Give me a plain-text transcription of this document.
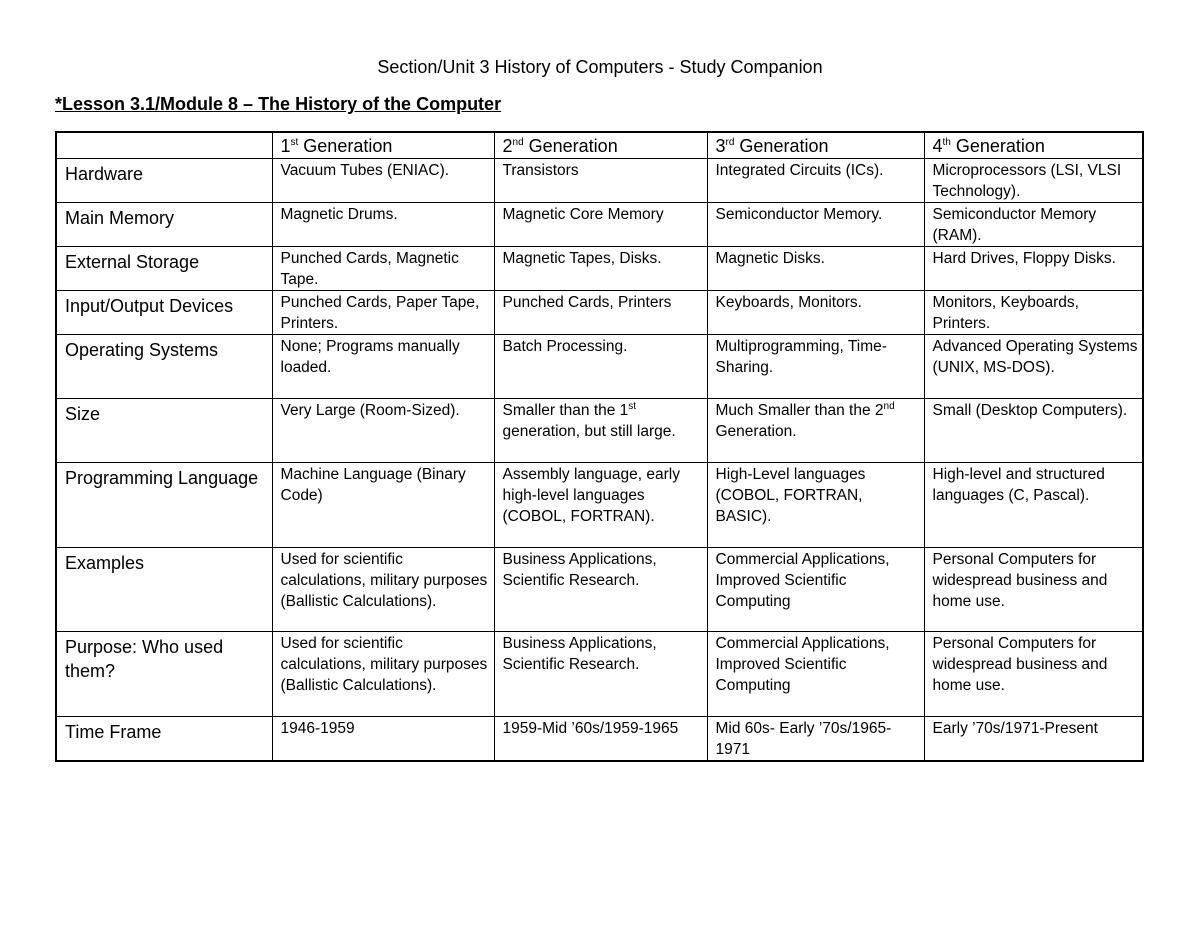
Section/Unit 3 History of Computers - Study Companion
*Lesson 3.1/Module 8 – The History of the Computer
	1st Generation	2nd Generation	3rd Generation	4th Generation
Hardware	Vacuum Tubes (ENIAC).	Transistors	Integrated Circuits (ICs).	Microprocessors (LSI, VLSI Technology).
Main Memory	Magnetic Drums.	Magnetic Core Memory	Semiconductor Memory.	Semiconductor Memory (RAM).
External Storage	Punched Cards, Magnetic Tape.	Magnetic Tapes, Disks.	Magnetic Disks.	Hard Drives, Floppy Disks.
Input/Output Devices	Punched Cards, Paper Tape, Printers.	Punched Cards, Printers	Keyboards, Monitors.	Monitors, Keyboards, Printers.
Operating Systems	None; Programs manually loaded.	Batch Processing.	Multiprogramming, Time-Sharing.	Advanced Operating Systems (UNIX, MS-DOS).
Size	Very Large (Room-Sized).	Smaller than the 1st generation, but still large.	Much Smaller than the 2nd Generation.	Small (Desktop Computers).
Programming Language	Machine Language (Binary Code)	Assembly language, early high-level languages (COBOL, FORTRAN).	High-Level languages (COBOL, FORTRAN, BASIC).	High-level and structured languages (C, Pascal).
Examples	Used for scientific calculations, military purposes (Ballistic Calculations).	Business Applications, Scientific Research.	Commercial Applications, Improved Scientific Computing	Personal Computers for widespread business and home use.
Purpose: Who used them?	Used for scientific calculations, military purposes (Ballistic Calculations).	Business Applications, Scientific Research.	Commercial Applications, Improved Scientific Computing	Personal Computers for widespread business and home use.
Time Frame	1946-1959	1959-Mid ’60s/1959-1965	Mid 60s- Early ’70s/1965-1971	Early ’70s/1971-Present
